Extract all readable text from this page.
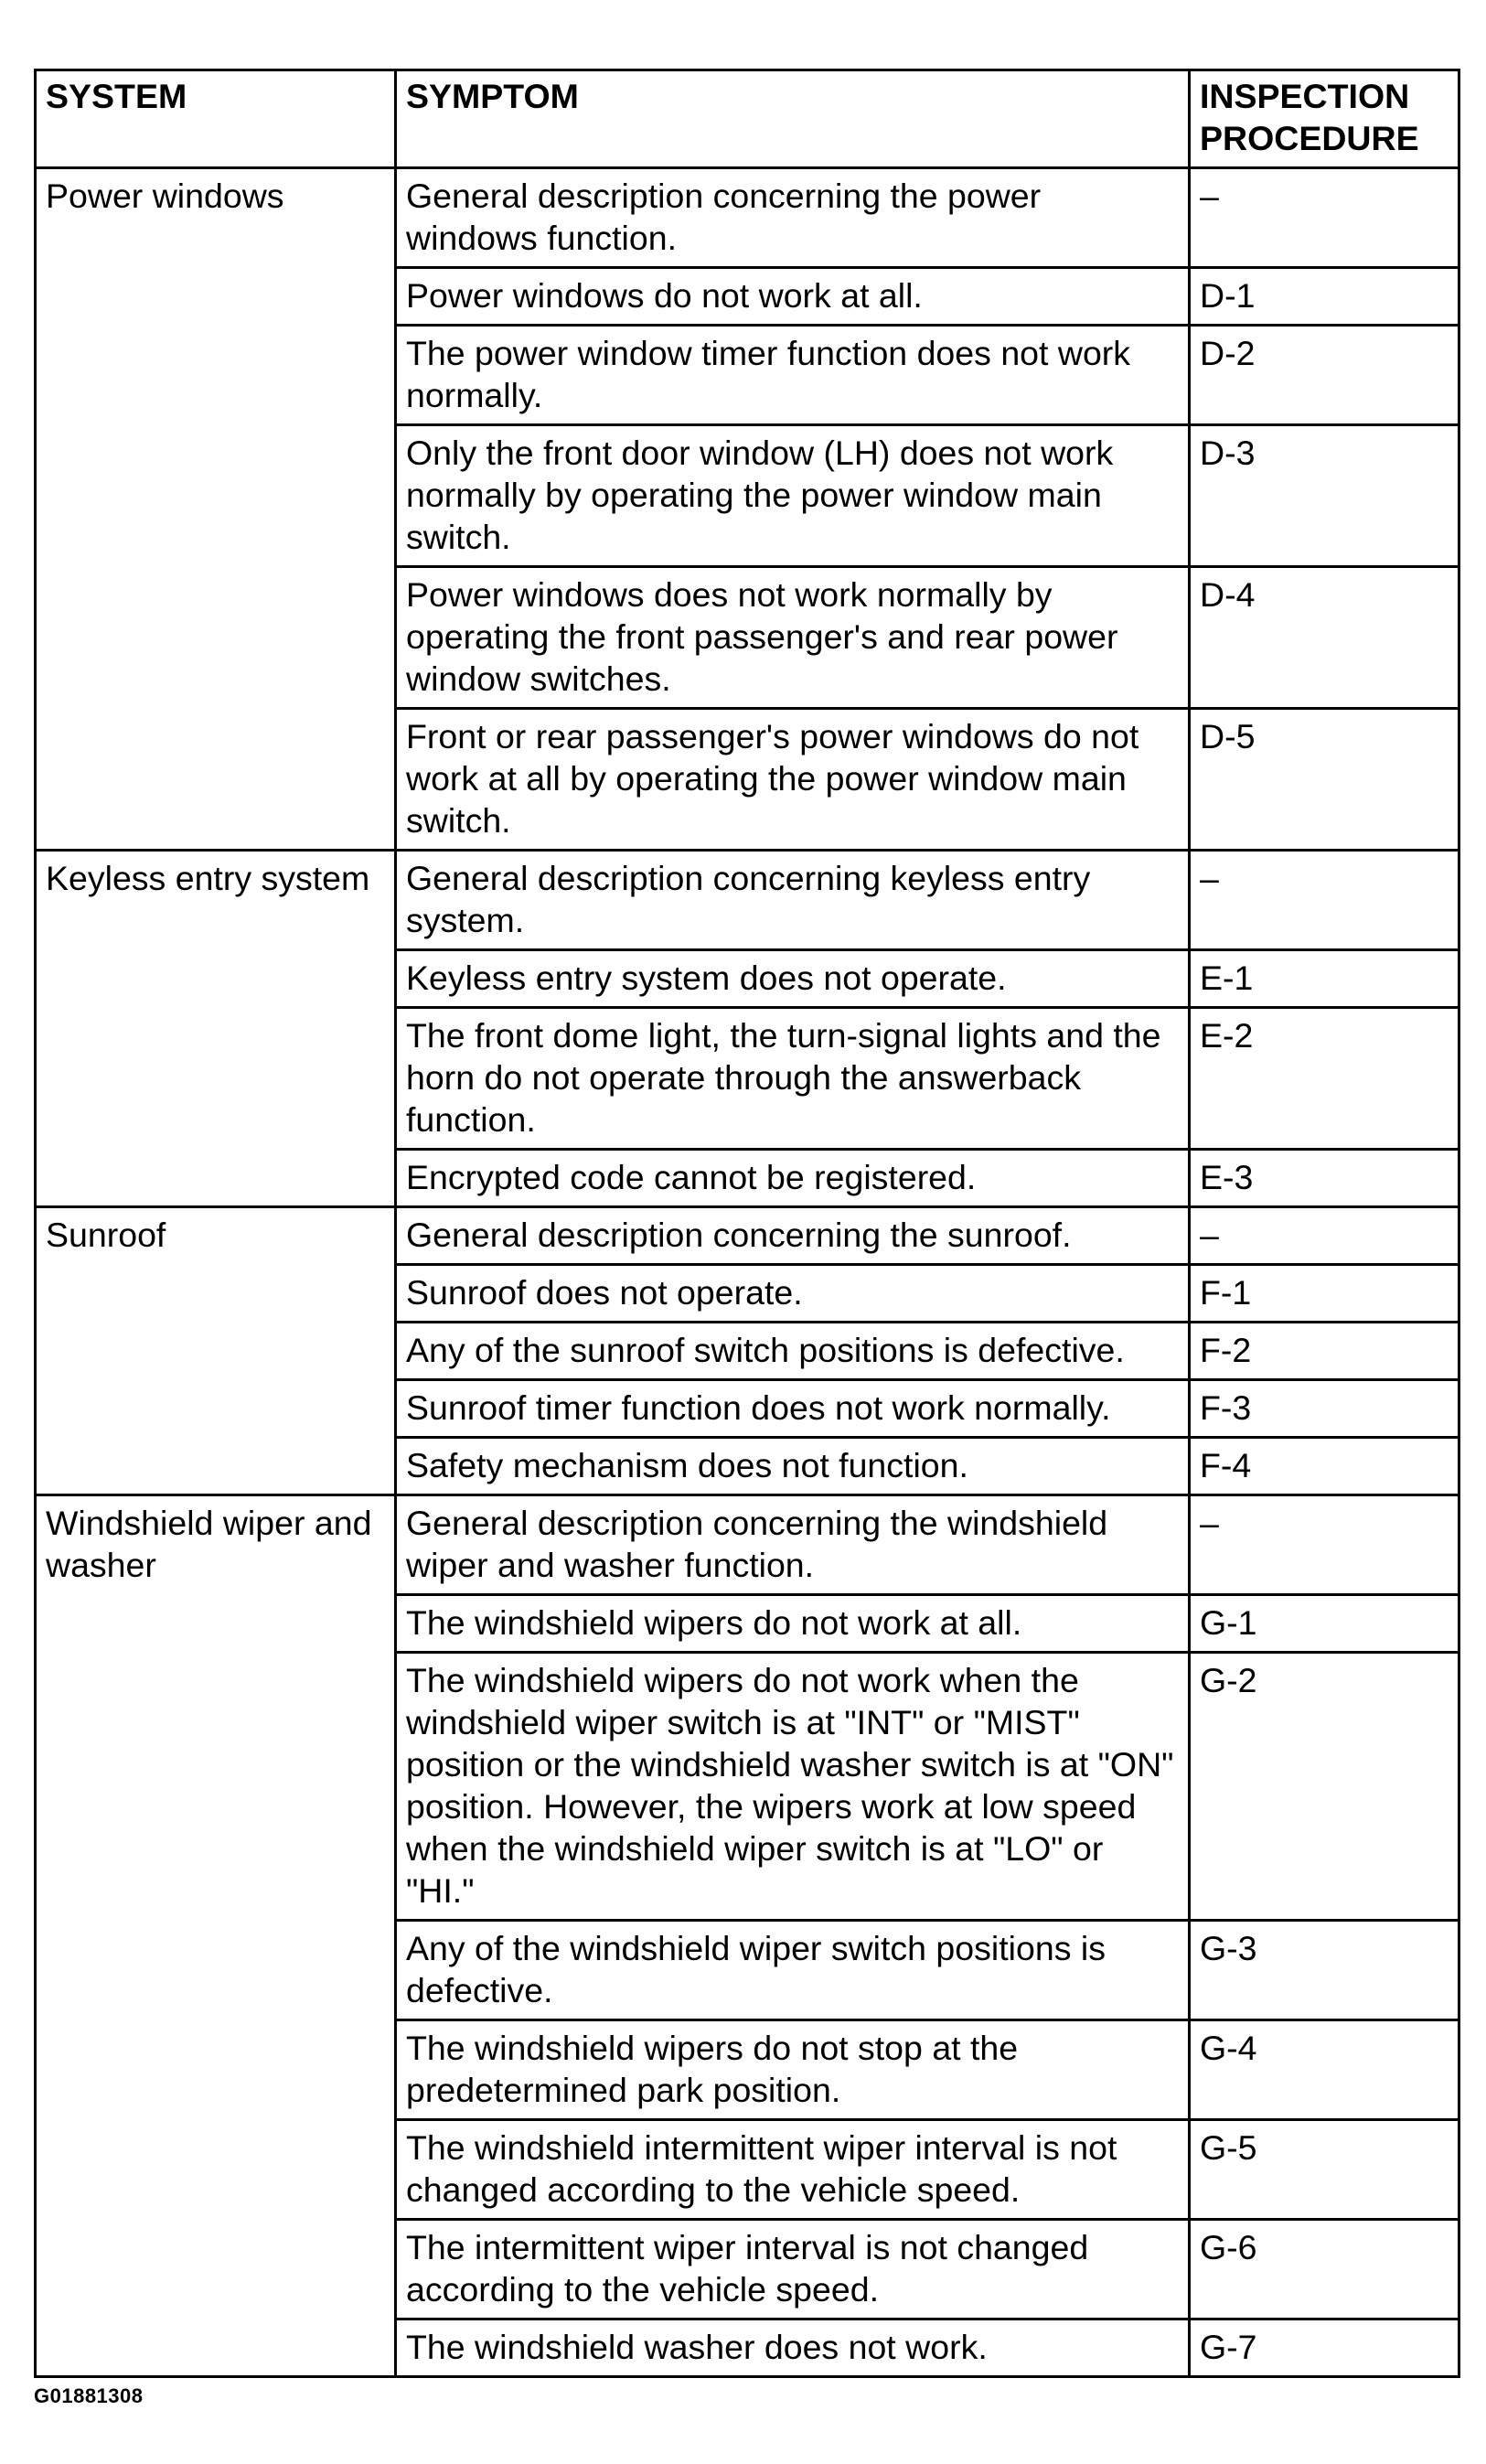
SYSTEM	SYMPTOM	INSPECTION PROCEDURE
Power windows	General description concerning the power windows function.	–
	Power windows do not work at all.	D-1
	The power window timer function does not work normally.	D-2
	Only the front door window (LH) does not work normally by operating the power window main switch.	D-3
	Power windows does not work normally by operating the front passenger's and rear power window switches.	D-4
	Front or rear passenger's power windows do not work at all by operating the power window main switch.	D-5
Keyless entry system	General description concerning keyless entry system.	–
	Keyless entry system does not operate.	E-1
	The front dome light, the turn-signal lights and the horn do not operate through the answerback function.	E-2
	Encrypted code cannot be registered.	E-3
Sunroof	General description concerning the sunroof.	–
	Sunroof does not operate.	F-1
	Any of the sunroof switch positions is defective.	F-2
	Sunroof timer function does not work normally.	F-3
	Safety mechanism does not function.	F-4
Windshield wiper and washer	General description concerning the windshield wiper and washer function.	–
	The windshield wipers do not work at all.	G-1
	The windshield wipers do not work when the windshield wiper switch is at "INT" or "MIST" position or the windshield washer switch is at "ON" position. However, the wipers work at low speed when the windshield wiper switch is at "LO" or "HI."	G-2
	Any of the windshield wiper switch positions is defective.	G-3
	The windshield wipers do not stop at the predetermined park position.	G-4
	The windshield intermittent wiper interval is not changed according to the vehicle speed.	G-5
	The intermittent wiper interval is not changed according to the vehicle speed.	G-6
	The windshield washer does not work.	G-7
G01881308
